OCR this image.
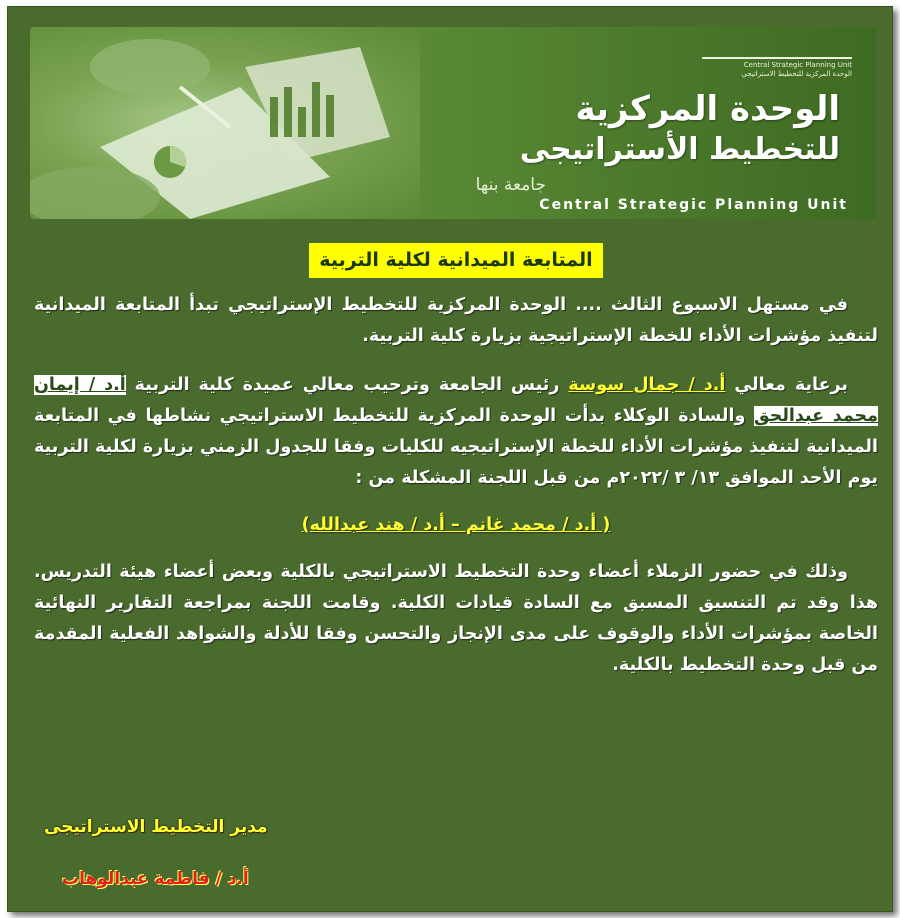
Central Strategic Planning Unit
الوحدة المركزية للتخطيط الاستراتيجي
الوحدة المركزية
للتخطيط الأستراتيجى
جامعة بنها
Central Strategic Planning Unit
المتابعة الميدانية لكلية التربية

في مستهل الاسبوع الثالث .... الوحدة المركزية للتخطيط الإستراتيجي تبدأ المتابعة الميدانية لتنفيذ مؤشرات الأداء للخطة الإستراتيجية بزيارة كلية التربية.

برعاية معالي أ.د / جمال سوسة رئيس الجامعة وترحيب معالي عميدة كلية التربية أ.د / إيمان محمد عبدالحق والسادة الوكلاء بدأت الوحدة المركزية للتخطيط الاستراتيجي نشاطها في المتابعة الميدانية لتنفيذ مؤشرات الأداء للخطة الإستراتيجيه للكليات وفقا للجدول الزمني بزيارة لكلية التربية يوم الأحد الموافق ١٣/ ٣ /٢٠٢٢م من قبل اللجنة المشكلة من :

( أ.د / محمد غانم – أ.د / هند عبدالله)

وذلك في حضور الزملاء أعضاء وحدة التخطيط الاستراتيجي بالكلية وبعض أعضاء هيئة التدريس. هذا وقد تم التنسيق المسبق مع السادة قيادات الكلية. وقامت اللجنة بمراجعة التقارير النهائية الخاصة بمؤشرات الأداء والوقوف على مدى الإنجاز والتحسن وفقا للأدلة والشواهد الفعلية المقدمة من قبل وحدة التخطيط بالكلية.

مدير التخطيط الاستراتيجى
أ.د / فاطمة عبدالوهاب
